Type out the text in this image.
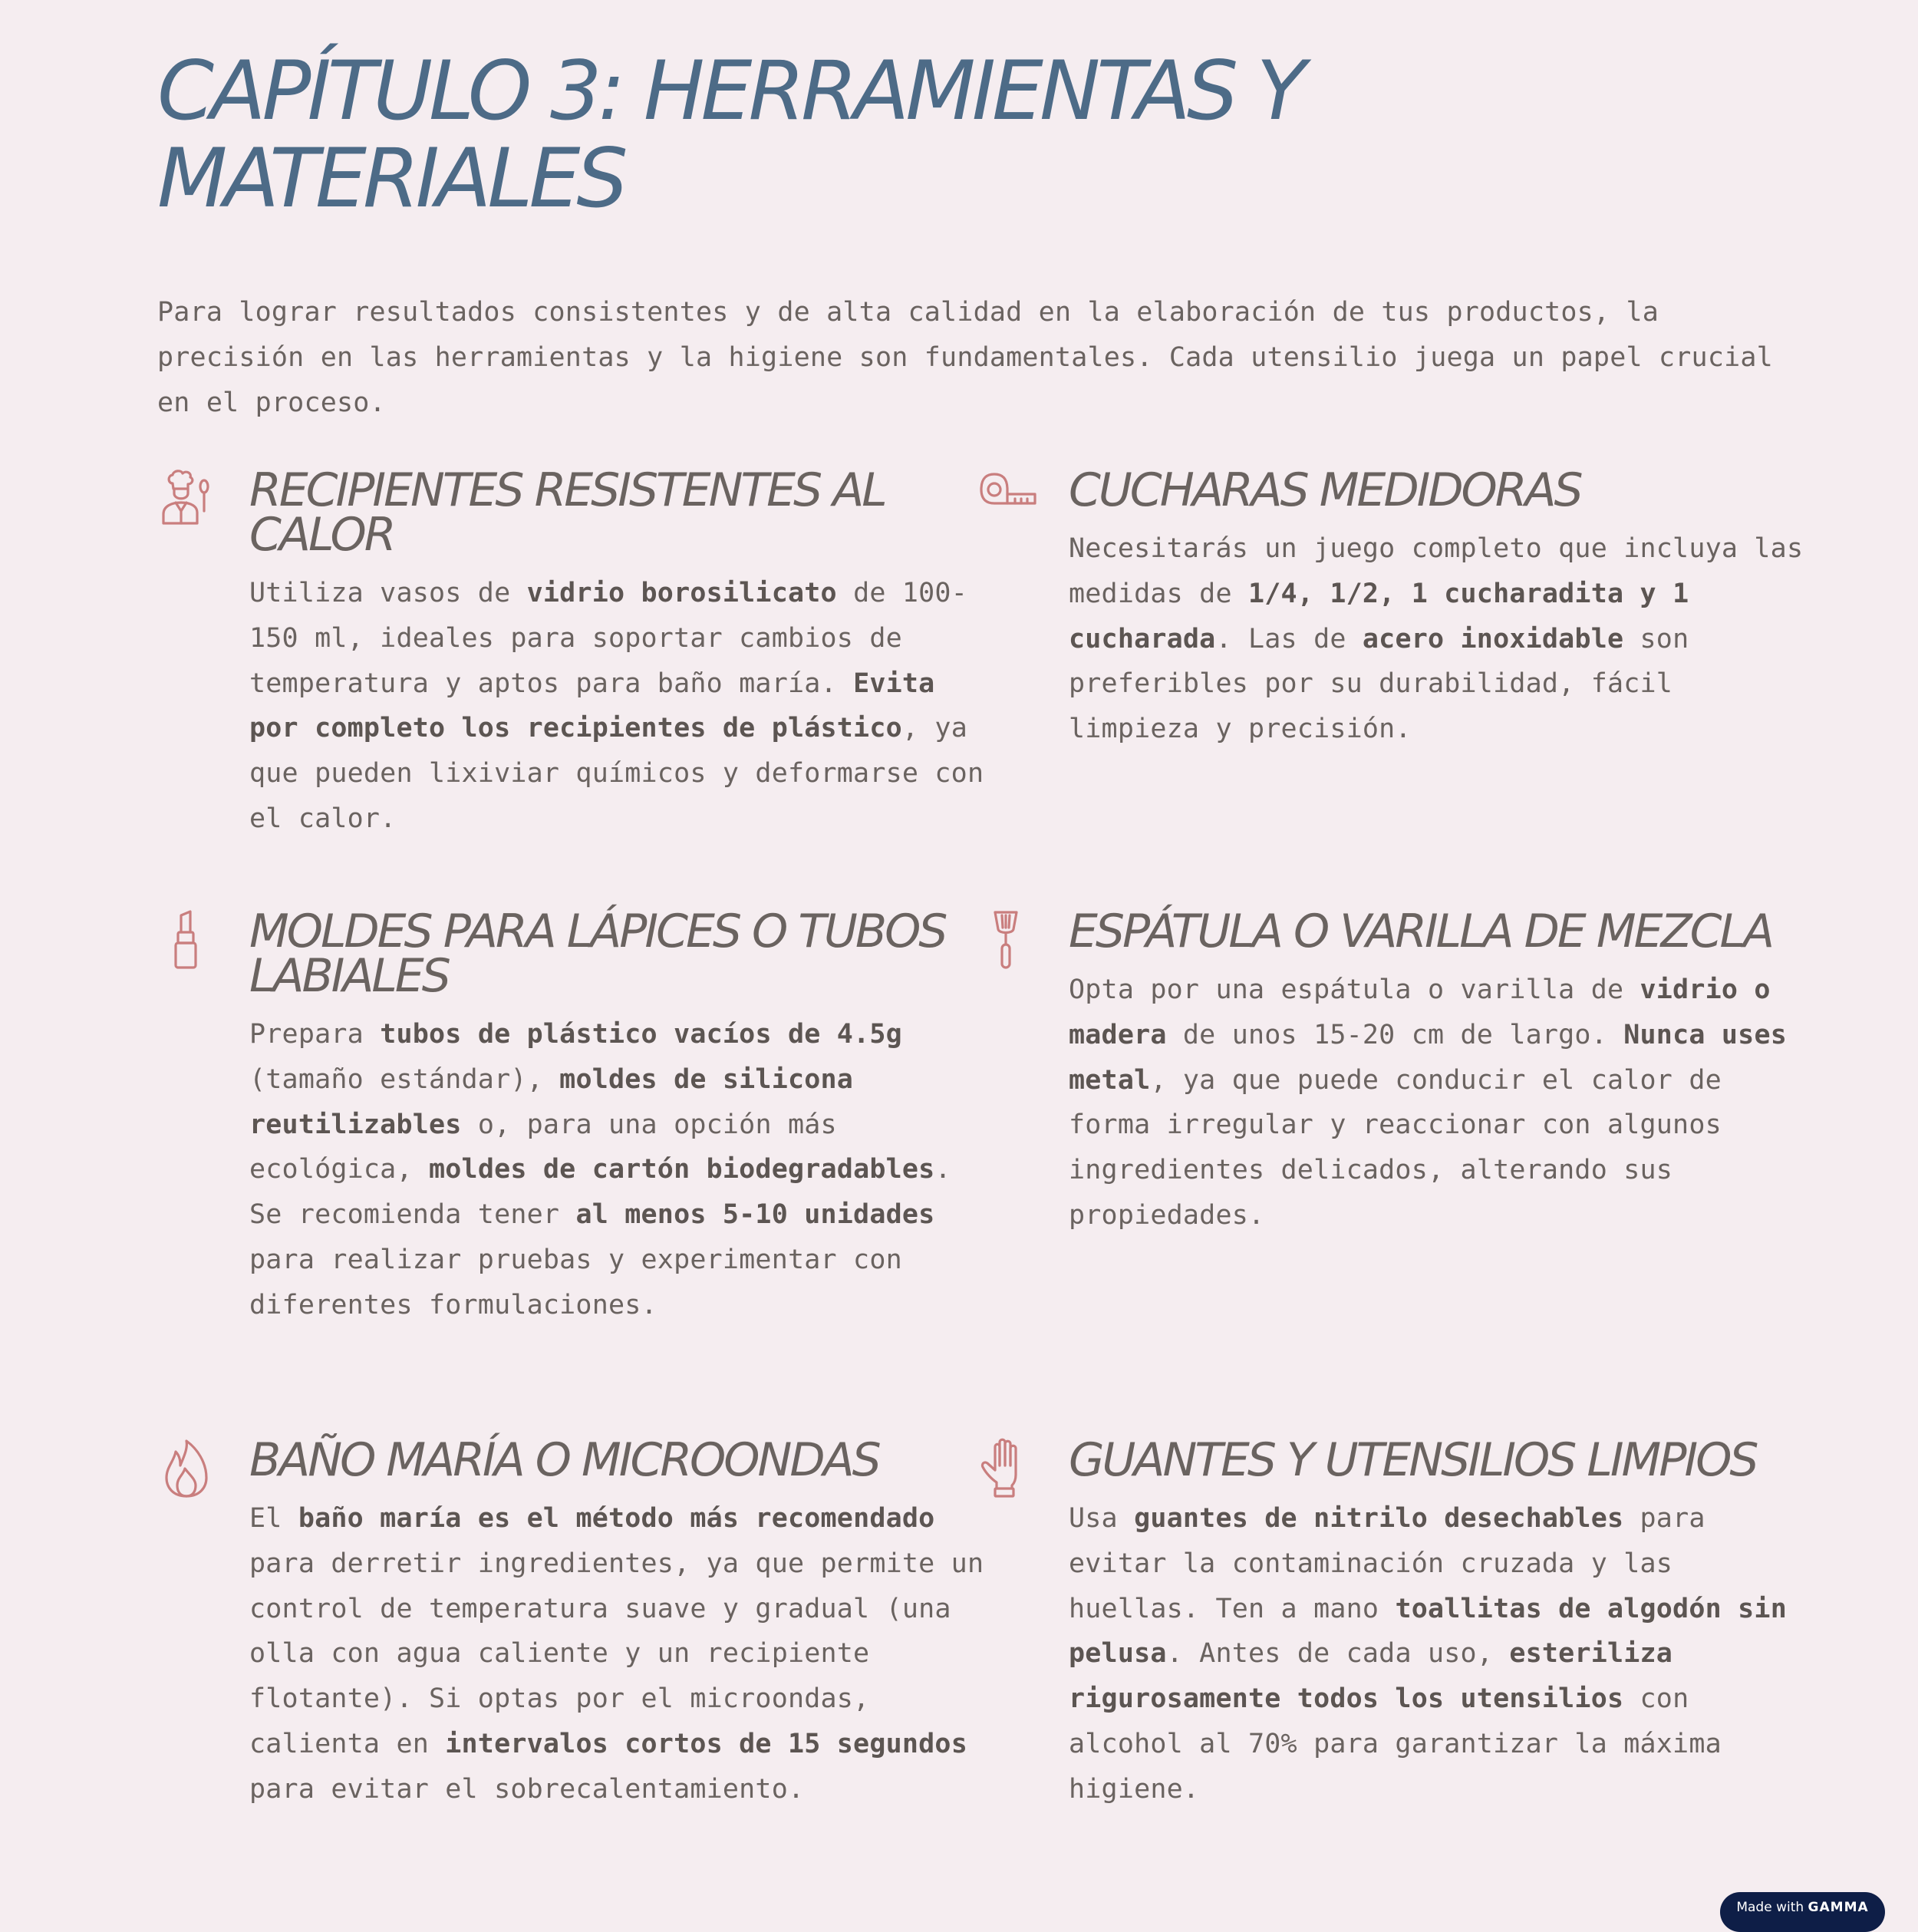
CAPÍTULO 3: HERRAMIENTAS Y MATERIALES

Para lograr resultados consistentes y de alta calidad en la elaboración de tus productos, la precisión en las herramientas y la higiene son fundamentales. Cada utensilio juega un papel crucial en el proceso.

RECIPIENTES RESISTENTES AL CALOR

Utiliza vasos de vidrio borosilicato de 100-150 ml, ideales para soportar cambios de temperatura y aptos para baño maría. Evita por completo los recipientes de plástico, ya que pueden lixiviar químicos y deformarse con el calor.

CUCHARAS MEDIDORAS

Necesitarás un juego completo que incluya las medidas de 1/4, 1/2, 1 cucharadita y 1 cucharada. Las de acero inoxidable son preferibles por su durabilidad, fácil limpieza y precisión.

MOLDES PARA LÁPICES O TUBOS LABIALES

Prepara tubos de plástico vacíos de 4.5g (tamaño estándar), moldes de silicona reutilizables o, para una opción más ecológica, moldes de cartón biodegradables. Se recomienda tener al menos 5-10 unidades para realizar pruebas y experimentar con diferentes formulaciones.

ESPÁTULA O VARILLA DE MEZCLA

Opta por una espátula o varilla de vidrio o madera de unos 15-20 cm de largo. Nunca uses metal, ya que puede conducir el calor de forma irregular y reaccionar con algunos ingredientes delicados, alterando sus propiedades.

BAÑO MARÍA O MICROONDAS

El baño maría es el método más recomendado para derretir ingredientes, ya que permite un control de temperatura suave y gradual (una olla con agua caliente y un recipiente flotante). Si optas por el microondas, calienta en intervalos cortos de 15 segundos para evitar el sobrecalentamiento.

GUANTES Y UTENSILIOS LIMPIOS

Usa guantes de nitrilo desechables para evitar la contaminación cruzada y las huellas. Ten a mano toallitas de algodón sin pelusa. Antes de cada uso, esteriliza rigurosamente todos los utensilios con alcohol al 70% para garantizar la máxima higiene.

Made with GAMMA
